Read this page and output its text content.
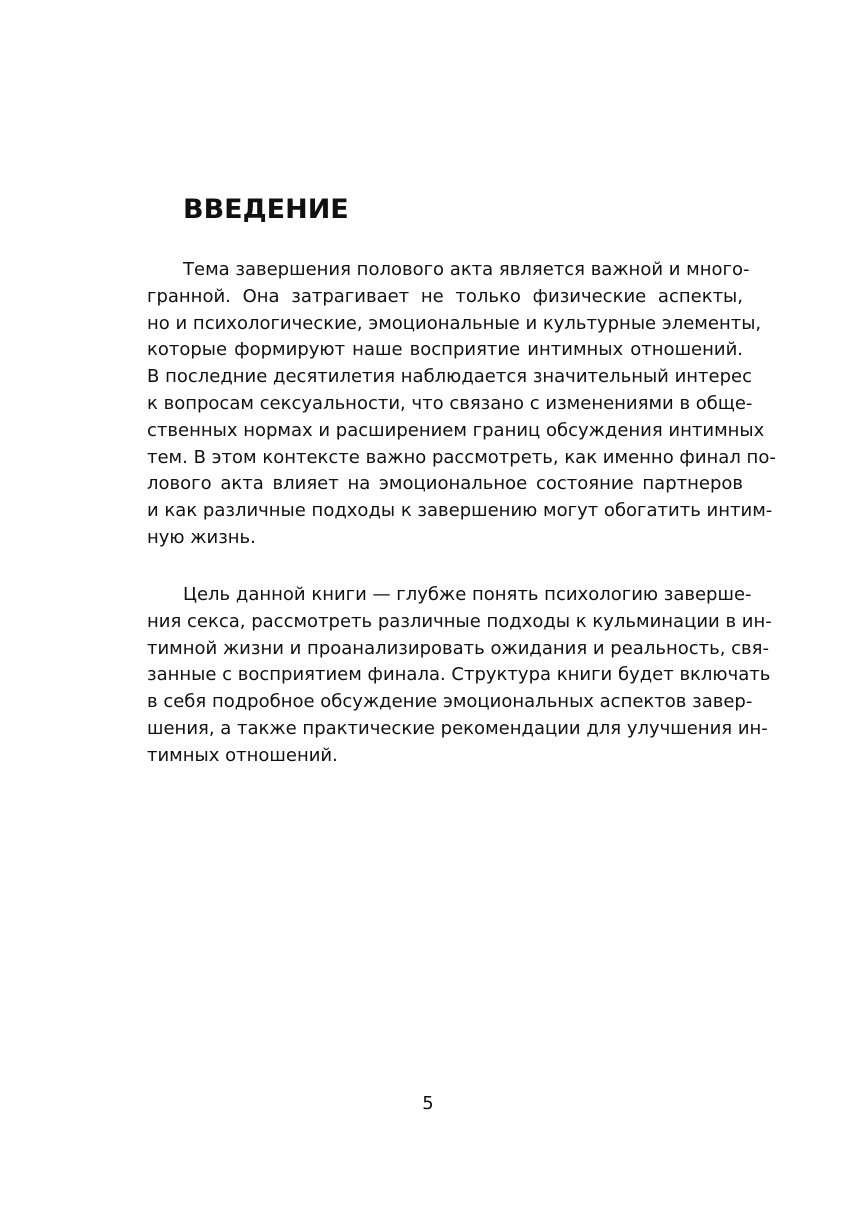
ВВЕДЕНИЕ
Тема завершения полового акта является важной и много-
гранной. Она затрагивает не только физические аспекты,
но и психологические, эмоциональные и культурные элементы,
которые формируют наше восприятие интимных отношений.
В последние десятилетия наблюдается значительный интерес
к вопросам сексуальности, что связано с изменениями в обще-
ственных нормах и расширением границ обсуждения интимных
тем. В этом контексте важно рассмотреть, как именно финал по-
лового акта влияет на эмоциональное состояние партнеров
и как различные подходы к завершению могут обогатить интим-
ную жизнь.
Цель данной книги — глубже понять психологию заверше-
ния секса, рассмотреть различные подходы к кульминации в ин-
тимной жизни и проанализировать ожидания и реальность, свя-
занные с восприятием финала. Структура книги будет включать
в себя подробное обсуждение эмоциональных аспектов завер-
шения, а также практические рекомендации для улучшения ин-
тимных отношений.
5
